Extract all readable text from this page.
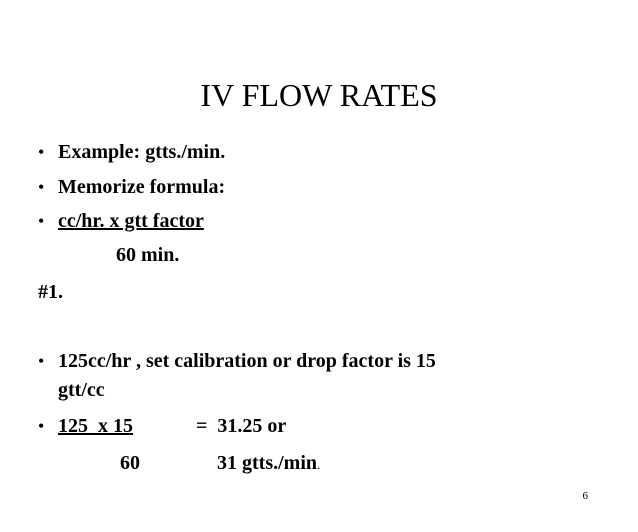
IV FLOW RATES
• Example: gtts./min.
• Memorize formula:
• cc/hr. x gtt factor
60 min.
#1.
• 125cc/hr , set calibration or drop factor is 15
gtt/cc
• 125  x 15	=  31.25 or
60	31 gtts./min.
6
